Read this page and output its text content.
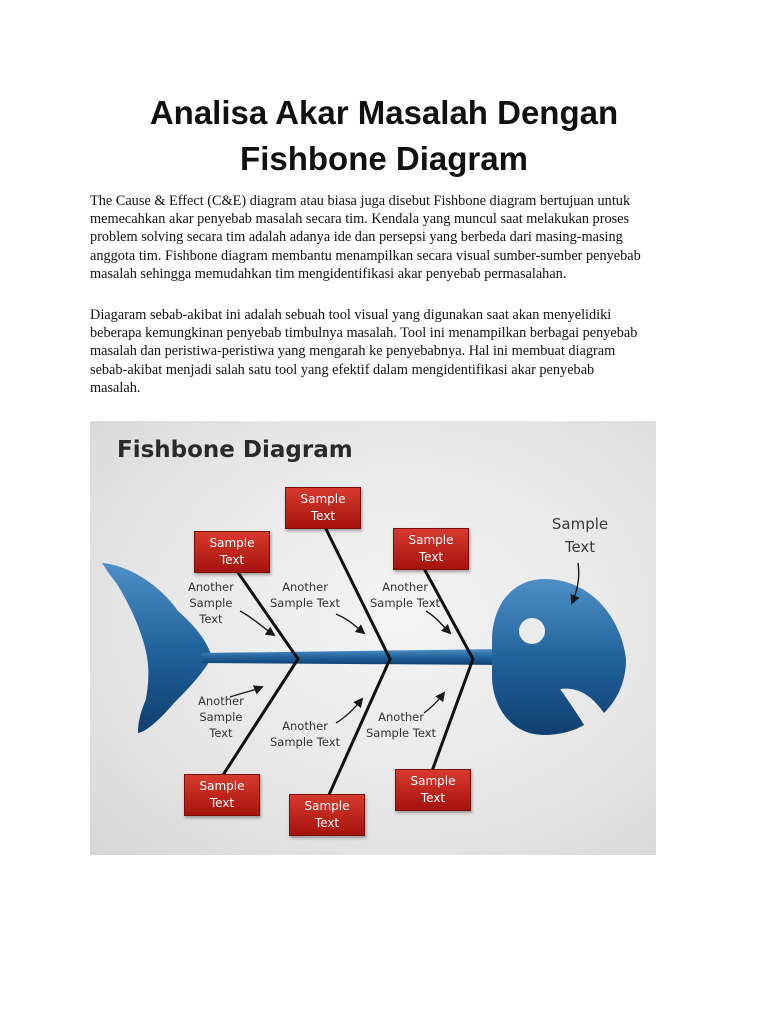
Analisa Akar Masalah Dengan
Fishbone Diagram

The Cause & Effect (C&E) diagram atau biasa juga disebut Fishbone diagram bertujuan untuk
memecahkan akar penyebab masalah secara tim. Kendala yang muncul saat melakukan proses
problem solving secara tim adalah adanya ide dan persepsi yang berbeda dari masing-masing
anggota tim. Fishbone diagram membantu menampilkan secara visual sumber-sumber penyebab
masalah sehingga memudahkan tim mengidentifikasi akar penyebab permasalahan.

Diagaram sebab-akibat ini adalah sebuah tool visual yang digunakan saat akan menyelidiki
beberapa kemungkinan penyebab timbulnya masalah. Tool ini menampilkan berbagai penyebab
masalah dan peristiwa-peristiwa yang mengarah ke penyebabnya. Hal ini membuat diagram
sebab-akibat menjadi salah satu tool yang efektif dalam mengidentifikasi akar penyebab
masalah.

Fishbone Diagram
Sample
Text
Sample
Text
Sample
Text
Sample
Text	Sample
Text
Sample
Text
Another
Sample
Text
Another
Sample Text
Another
Sample Text
Another
Sample
Text	Another
Sample Text
Another
Sample Text
Sample
Text
